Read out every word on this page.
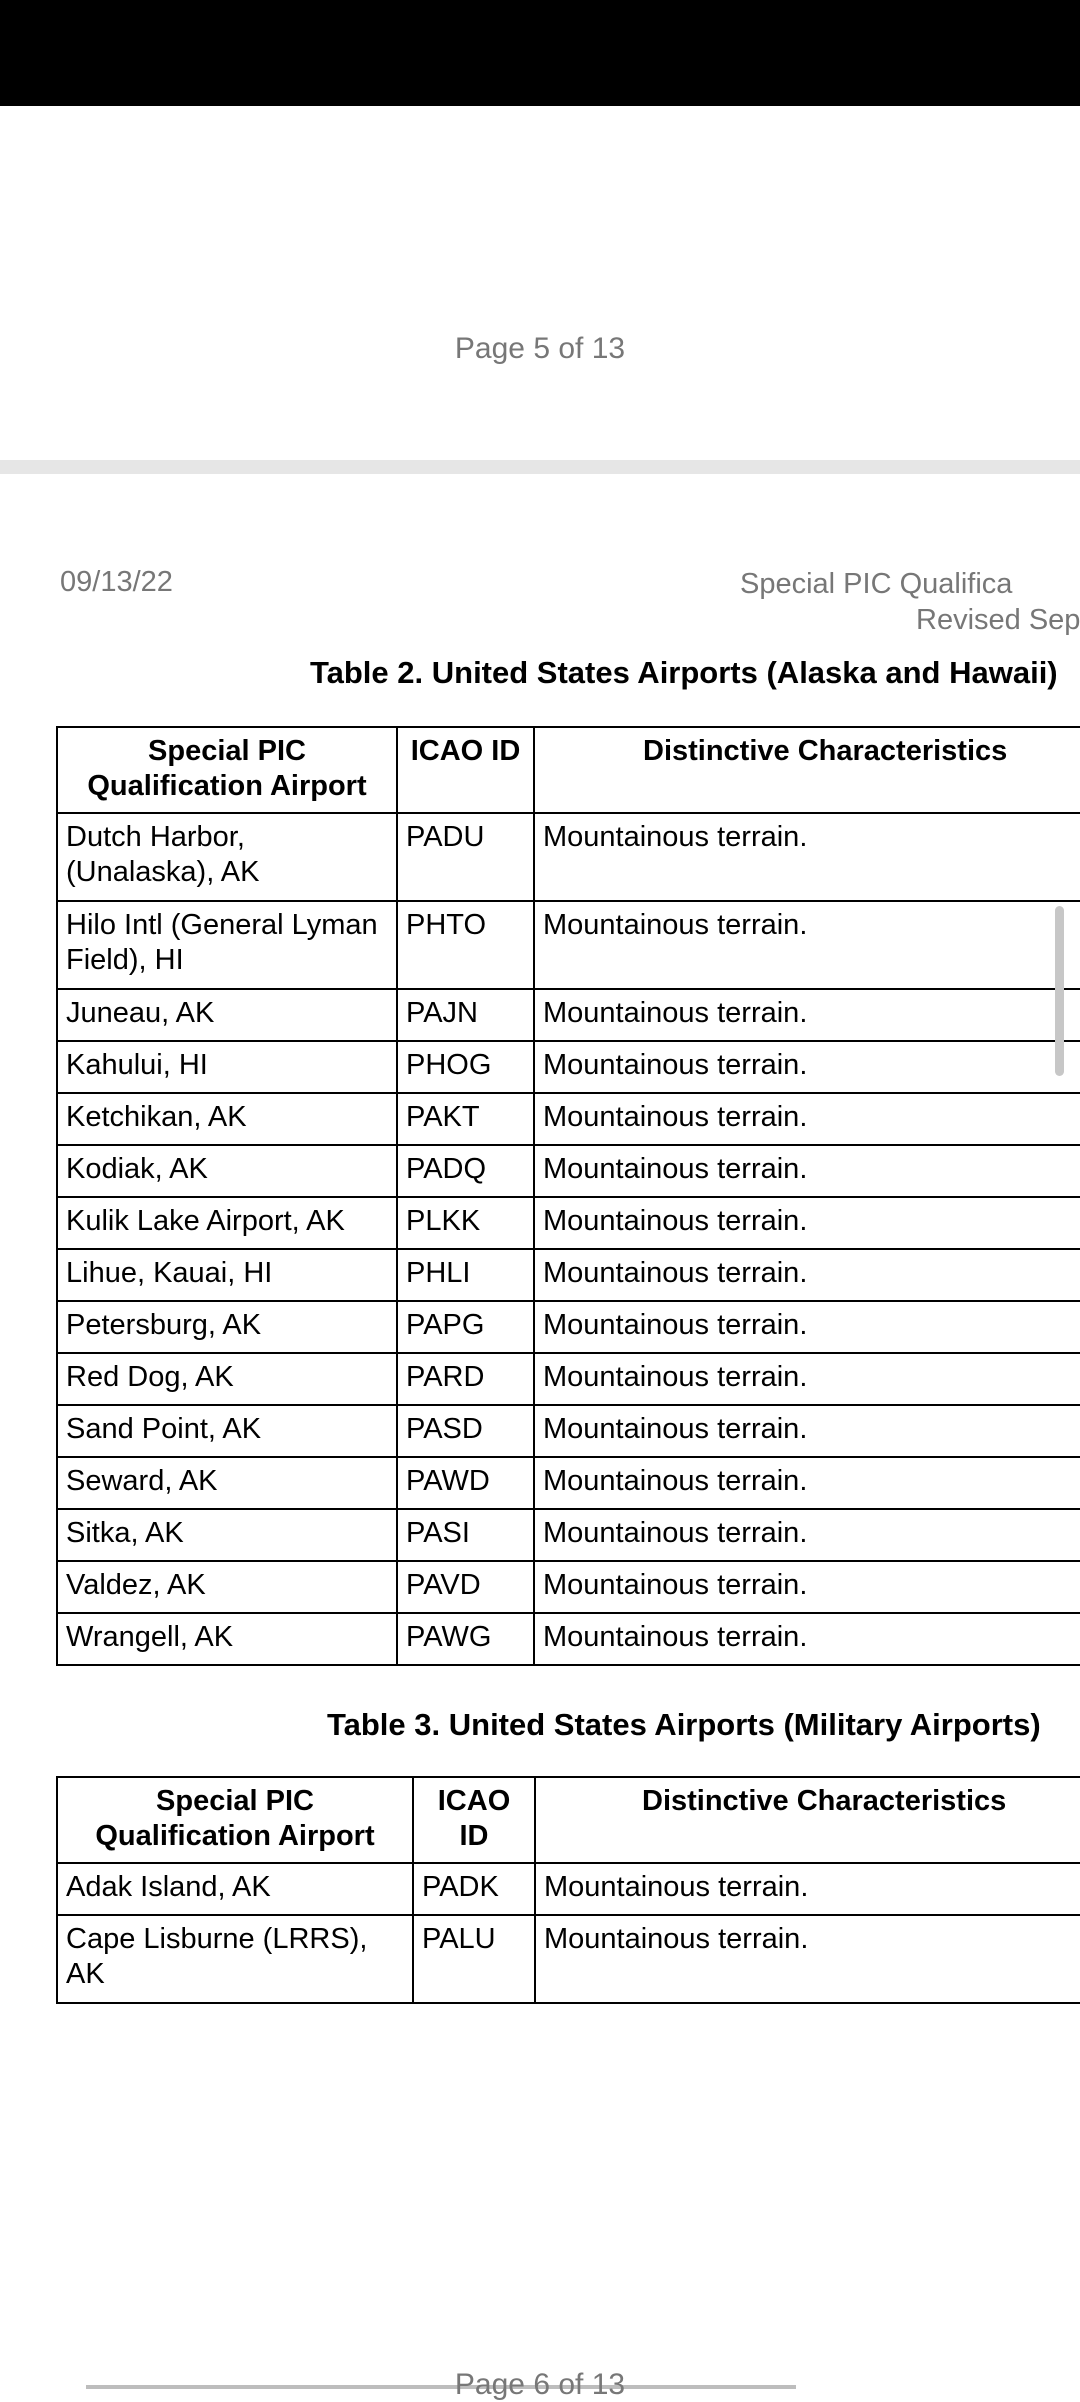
Page 5 of 13
09/13/22	Special PIC Qualifica
Revised Sep
Table 2. United States Airports (Alaska and Hawaii)
Special PIC Qualification Airport	ICAO ID	Distinctive Characteristics
Dutch Harbor, (Unalaska), AK	PADU	Mountainous terrain.
Hilo Intl (General Lyman Field), HI	PHTO	Mountainous terrain.
Juneau, AK	PAJN	Mountainous terrain.
Kahului, HI	PHOG	Mountainous terrain.
Ketchikan, AK	PAKT	Mountainous terrain.
Kodiak, AK	PADQ	Mountainous terrain.
Kulik Lake Airport, AK	PLKK	Mountainous terrain.
Lihue, Kauai, HI	PHLI	Mountainous terrain.
Petersburg, AK	PAPG	Mountainous terrain.
Red Dog, AK	PARD	Mountainous terrain.
Sand Point, AK	PASD	Mountainous terrain.
Seward, AK	PAWD	Mountainous terrain.
Sitka, AK	PASI	Mountainous terrain.
Valdez, AK	PAVD	Mountainous terrain.
Wrangell, AK	PAWG	Mountainous terrain.
Table 3. United States Airports (Military Airports)
Special PIC Qualification Airport	ICAO ID	Distinctive Characteristics
Adak Island, AK	PADK	Mountainous terrain.
Cape Lisburne (LRRS), AK	PALU	Mountainous terrain.
Page 6 of 13
